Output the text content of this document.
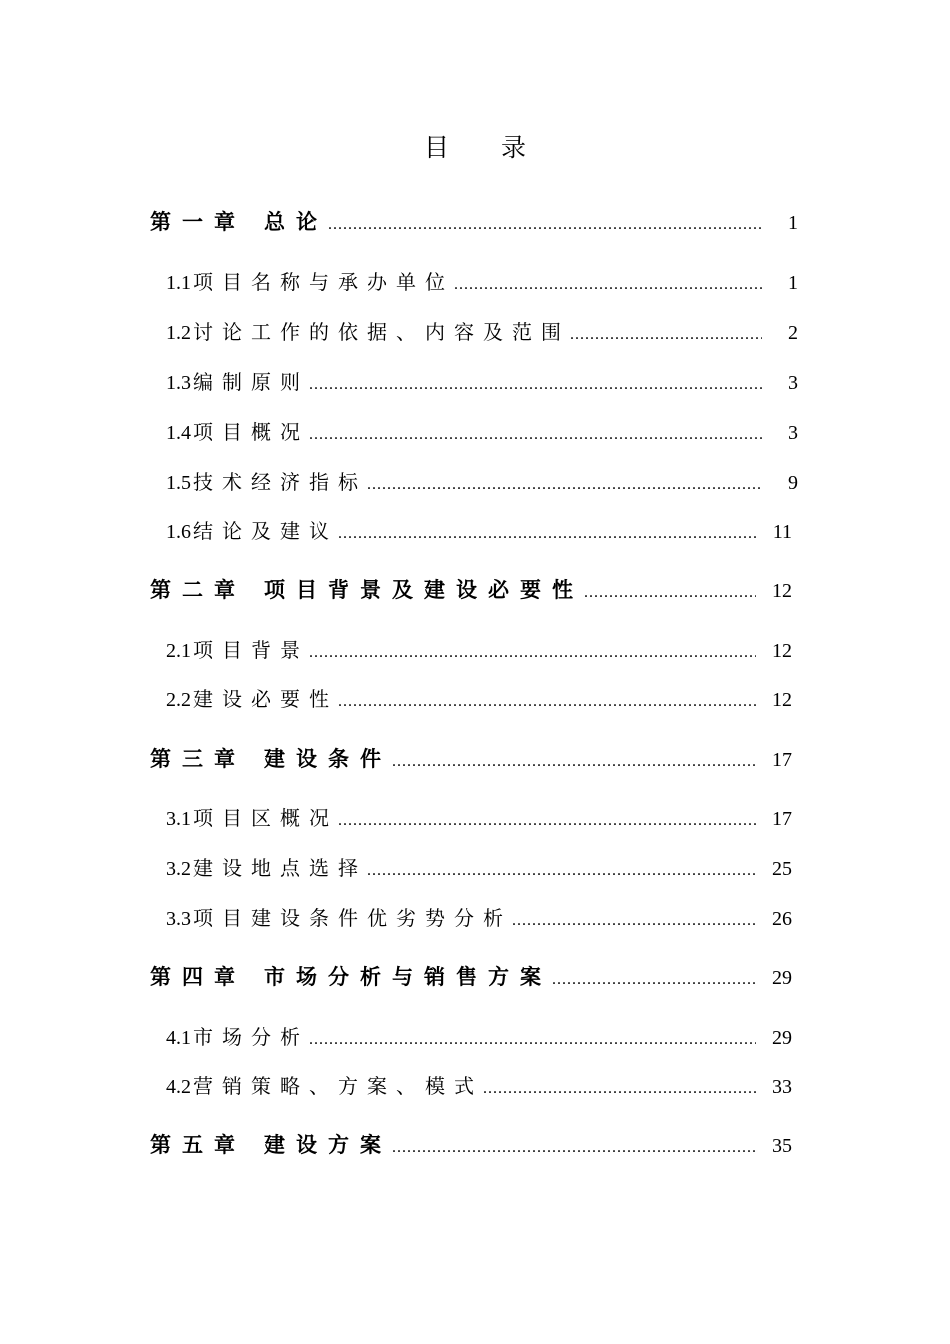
目 录
第一章 总论 .....	1
1.1 项目名称与承办单位 .....	1
1.2 讨论工作的依据、内容及范围 .....	2
1.3 编制原则 .....	3
1.4 项目概况 .....	3
1.5 技术经济指标 .....	9
1.6 结论及建议 .....	11
第二章 项目背景及建设必要性 .....	12
2.1 项目背景 .....	12
2.2 建设必要性 .....	12
第三章 建设条件 .....	17
3.1 项目区概况 .....	17
3.2 建设地点选择 .....	25
3.3 项目建设条件优劣势分析 .....	26
第四章 市场分析与销售方案 .....	29
4.1 市场分析 .....	29
4.2 营销策略、方案、模式 .....	33
第五章 建设方案 .....	35
